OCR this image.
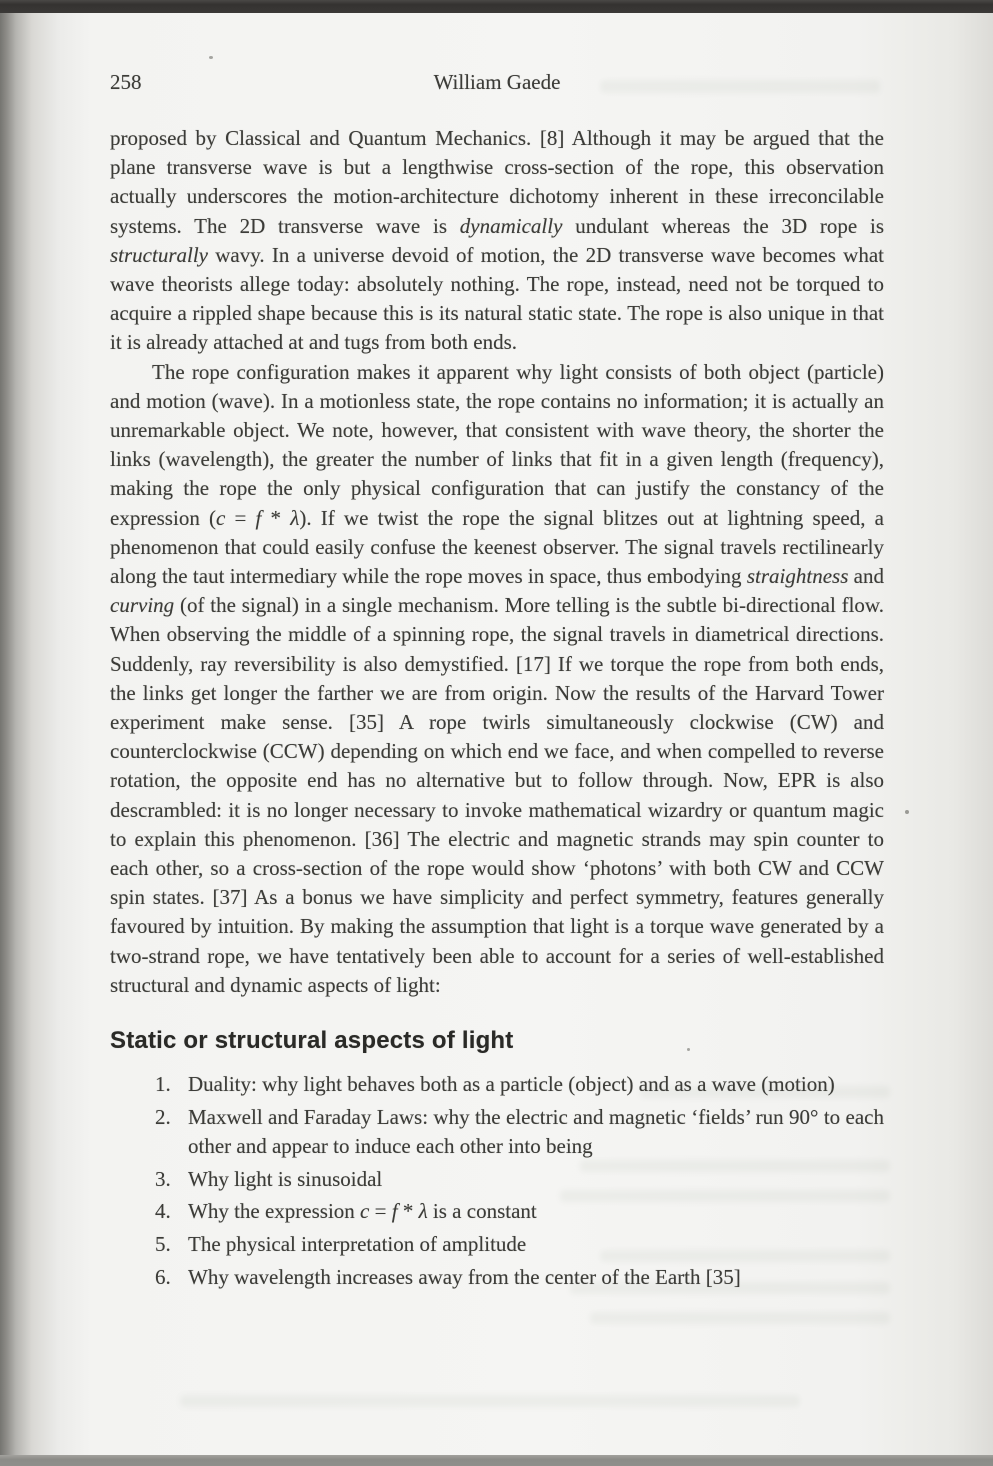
258	William Gaede

proposed by Classical and Quantum Mechanics. [8] Although it may be argued that the plane transverse wave is but a lengthwise cross-section of the rope, this observation actually underscores the motion-architecture dichotomy inherent in these irreconcilable systems. The 2D transverse wave is dynamically undulant whereas the 3D rope is structurally wavy. In a universe devoid of motion, the 2D transverse wave becomes what wave theorists allege today: absolutely nothing. The rope, instead, need not be torqued to acquire a rippled shape because this is its natural static state. The rope is also unique in that it is already attached at and tugs from both ends.

The rope configuration makes it apparent why light consists of both object (particle) and motion (wave). In a motionless state, the rope contains no information; it is actually an unremarkable object. We note, however, that consistent with wave theory, the shorter the links (wavelength), the greater the number of links that fit in a given length (frequency), making the rope the only physical configuration that can justify the constancy of the expression (c = f * λ). If we twist the rope the signal blitzes out at lightning speed, a phenomenon that could easily confuse the keenest observer. The signal travels rectilinearly along the taut intermediary while the rope moves in space, thus embodying straightness and curving (of the signal) in a single mechanism. More telling is the subtle bi-directional flow. When observing the middle of a spinning rope, the signal travels in diametrical directions. Suddenly, ray reversibility is also demystified. [17] If we torque the rope from both ends, the links get longer the farther we are from origin. Now the results of the Harvard Tower experiment make sense. [35] A rope twirls simultaneously clockwise (CW) and counterclockwise (CCW) depending on which end we face, and when compelled to reverse rotation, the opposite end has no alternative but to follow through. Now, EPR is also descrambled: it is no longer necessary to invoke mathematical wizardry or quantum magic to explain this phenomenon. [36] The electric and magnetic strands may spin counter to each other, so a cross-section of the rope would show ‘photons’ with both CW and CCW spin states. [37] As a bonus we have simplicity and perfect symmetry, features generally favoured by intuition. By making the assumption that light is a torque wave generated by a two-strand rope, we have tentatively been able to account for a series of well-established structural and dynamic aspects of light:

Static or structural aspects of light
1. Duality: why light behaves both as a particle (object) and as a wave (motion)
2. Maxwell and Faraday Laws: why the electric and magnetic ‘fields’ run 90° to each other and appear to induce each other into being
3. Why light is sinusoidal
4. Why the expression c = f * λ is a constant
5. The physical interpretation of amplitude
6. Why wavelength increases away from the center of the Earth [35]
